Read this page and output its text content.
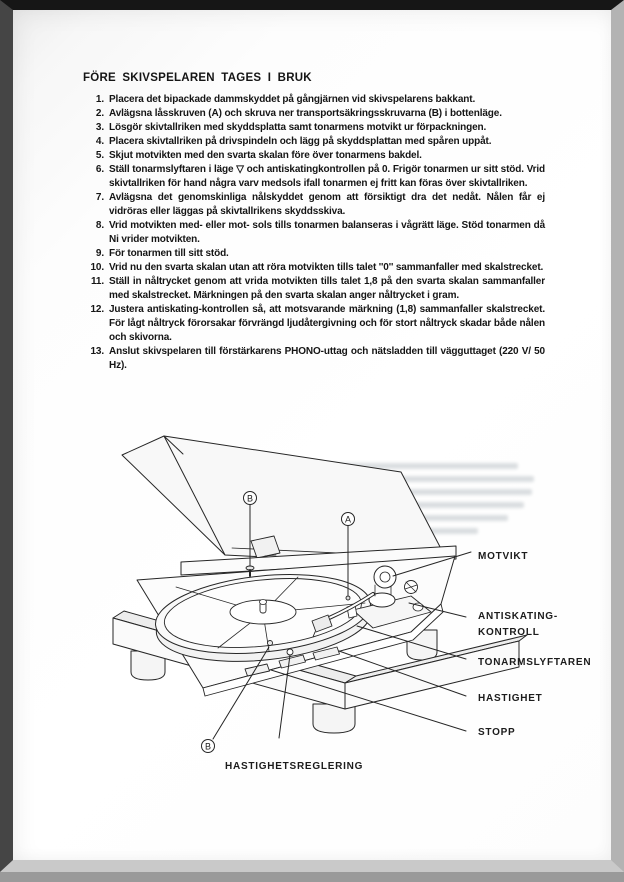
FÖRE SKIVSPELAREN TAGES I BRUK
1. Placera det bipackade dammskyddet på gångjärnen vid skivspelarens bakkant.
2. Avlägsna låsskruven (A) och skruva ner transportsäkringsskruvarna (B) i bottenläge.
3. Lösgör skivtallriken med skyddsplatta samt tonarmens motvikt ur förpackningen.
4. Placera skivtallriken på drivspindeln och lägg på skyddsplattan med spåren uppåt.
5. Skjut motvikten med den svarta skalan före över tonarmens bakdel.
6. Ställ tonarmslyftaren i läge ▽ och antiskatingkontrollen på 0. Frigör tonarmen ur sitt stöd. Vrid skivtallriken för hand några varv medsols ifall tonarmen ej fritt kan föras över skivtallriken.
7. Avlägsna det genomskinliga nålskyddet genom att försiktigt dra det nedåt. Nålen får ej vidröras eller läggas på skivtallrikens skyddsskiva.
8. Vrid motvikten med- eller mot- sols tills tonarmen balanseras i vågrätt läge. Stöd tonarmen då Ni vrider motvikten.
9. För tonarmen till sitt stöd.
10. Vrid nu den svarta skalan utan att röra motvikten tills talet ''0'' sammanfaller med skalstrecket.
11. Ställ in nåltrycket genom att vrida motvikten tills talet 1,8 på den svarta skalan sammanfaller med skalstrecket. Märkningen på den svarta skalan anger nåltrycket i gram.
12. Justera antiskating-kontrollen så, att motsvarande märkning (1,8) sammanfaller skalstrecket. För lågt nåltryck förorsakar förvrängd ljudåtergivning och för stort nåltryck skadar både nålen och skivorna.
13. Anslut skivspelaren till förstärkarens PHONO-uttag och nätsladden till vägguttaget (220 V/ 50 Hz).
B
A
B
MOTVIKT
ANTISKATING-
KONTROLL
TONARMSLYFTAREN
HASTIGHET
STOPP
HASTIGHETSREGLERING
